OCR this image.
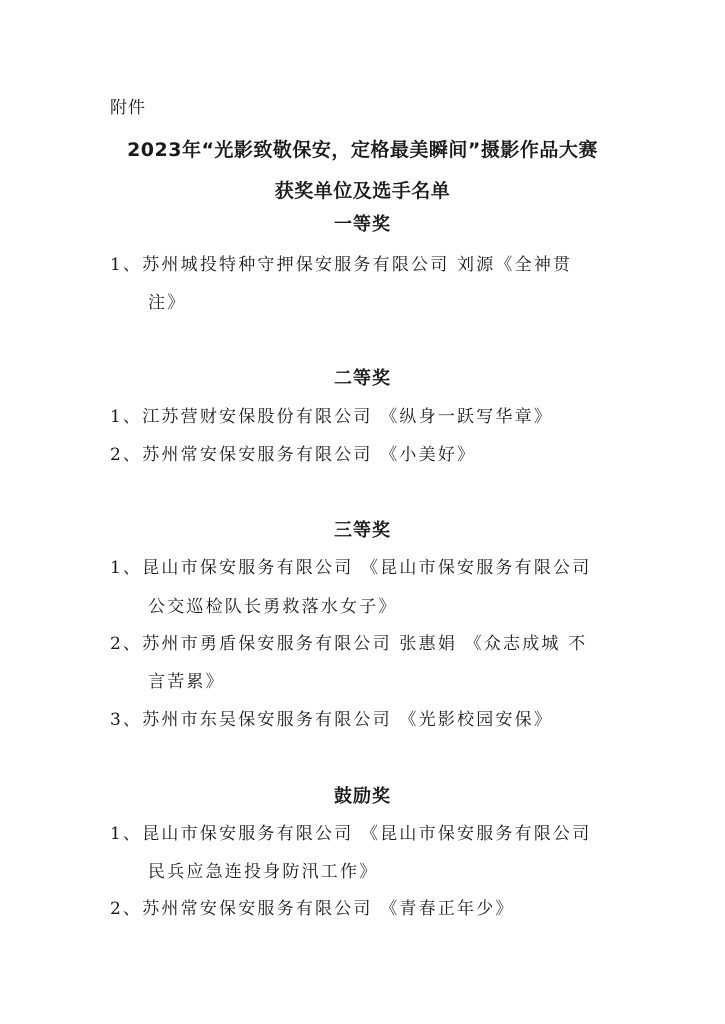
附件
2023年“光影致敬保安，定格最美瞬间”摄影作品大赛
获奖单位及选手名单
一等奖
1、苏州城投特种守押保安服务有限公司 刘源《全神贯
注》
二等奖
1、江苏营财安保股份有限公司 《纵身一跃写华章》
2、苏州常安保安服务有限公司 《小美好》
三等奖
1、昆山市保安服务有限公司 《昆山市保安服务有限公司
公交巡检队长勇救落水女子》
2、苏州市勇盾保安服务有限公司 张惠娟 《众志成城 不
言苦累》
3、苏州市东吴保安服务有限公司 《光影校园安保》
鼓励奖
1、昆山市保安服务有限公司 《昆山市保安服务有限公司
民兵应急连投身防汛工作》
2、苏州常安保安服务有限公司 《青春正年少》
